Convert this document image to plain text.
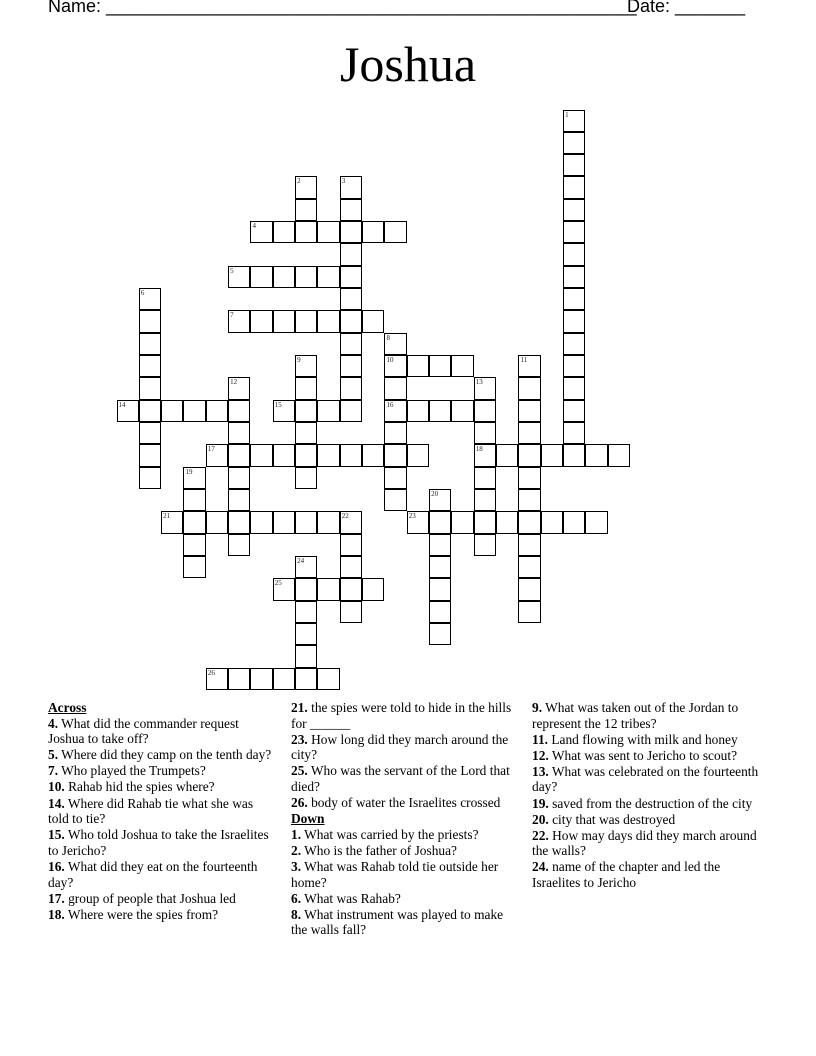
Name: _____________________________________________________
Date: _______
Joshua
4
5
7
10
14	15	16
17	18
21	22	23
25
26
1
2	3
6
8
9	11
12	13
19
20
24
Across
4. What did the commander request Joshua to take off?
5. Where did they camp on the tenth day?
7. Who played the Trumpets?
10. Rahab hid the spies where?
14. Where did Rahab tie what she was told to tie?
15. Who told Joshua to take the Israelites to Jericho?
16. What did they eat on the fourteenth day?
17. group of people that Joshua led
18. Where were the spies from?
21. the spies were told to hide in the hills for ______
23. How long did they march around the city?
25. Who was the servant of the Lord that died?
26. body of water the Israelites crossed
Down
1. What was carried by the priests?
2. Who is the father of Joshua?
3. What was Rahab told tie outside her home?
6. What was Rahab?
8. What instrument was played to make the walls fall?
9. What was taken out of the Jordan to represent the 12 tribes?
11. Land flowing with milk and honey
12. What was sent to Jericho to scout?
13. What was celebrated on the fourteenth day?
19. saved from the destruction of the city
20. city that was destroyed
22. How may days did they march around the walls?
24. name of the chapter and led the Israelites to Jericho
